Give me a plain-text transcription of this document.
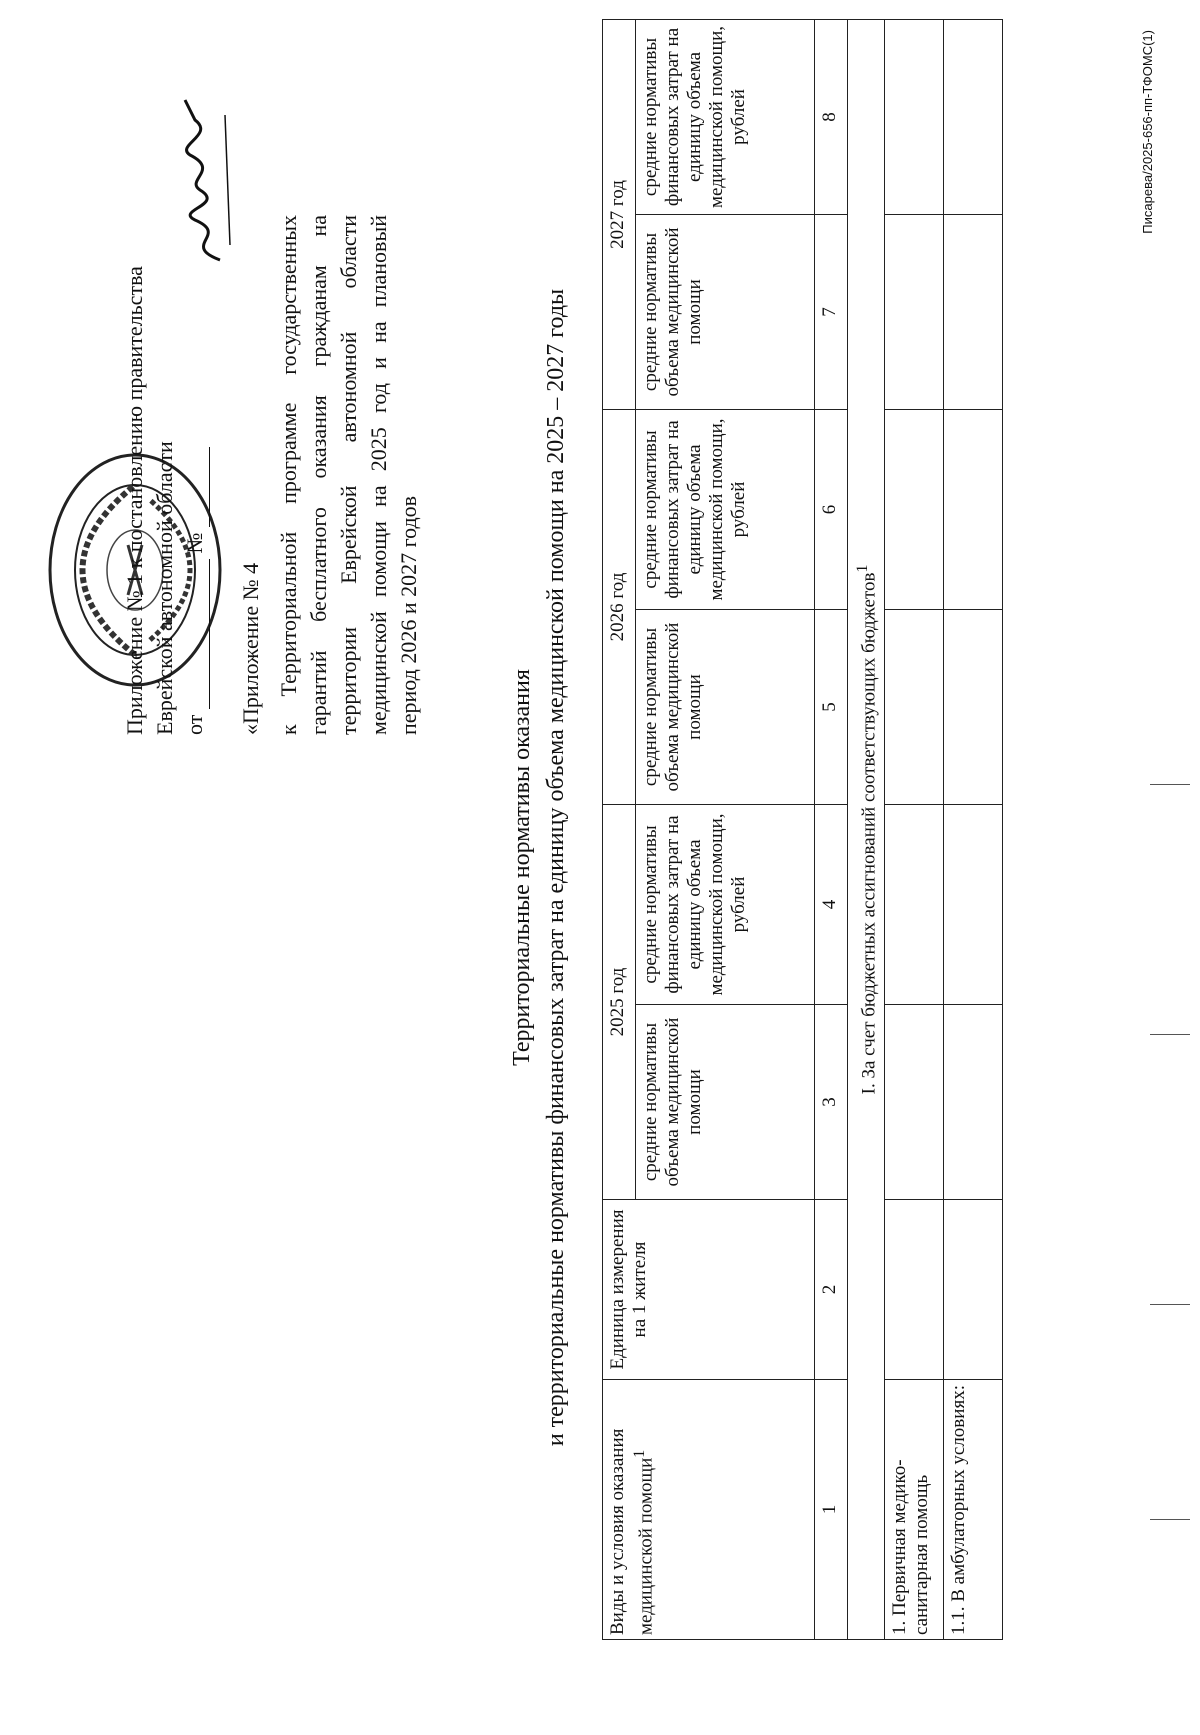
Приложение № 1 к постановлению правительства
Еврейской автономной области от  №
«Приложение № 4 к Территориальной программе государственных гарантий бесплатного оказания гражданам на территории Еврейской автономной области медицинской помощи на 2025 год и на плановый период 2026 и 2027 годов
Территориальные нормативы оказания и территориальные нормативы финансовых затрат на единицу объема медицинской помощи на 2025 – 2027 годы
Виды и условия оказания медицинской помощи$^1$	Единица измерения на 1 жителя	2025 год		2026 год		2027 год	
		средние нормативы объема медицинской помощи	средние нормативы финансовых затрат на единицу объема медицинской помощи, рублей	средние нормативы объема медицинской помощи	средние нормативы финансовых затрат на единицу объема медицинской помощи, рублей	средние нормативы объема медицинской помощи	средние нормативы финансовых затрат на единицу объема медицинской помощи, рублей
1	2	3	4	5	6	7	8
I. За счет бюджетных ассигнований соответствующих бюджетов$^1$
1. Первичная медико-санитарная помощь							
1.1. В амбулаторных условиях:							
Писарева/2025-656-пп-ТФОМС(1)
